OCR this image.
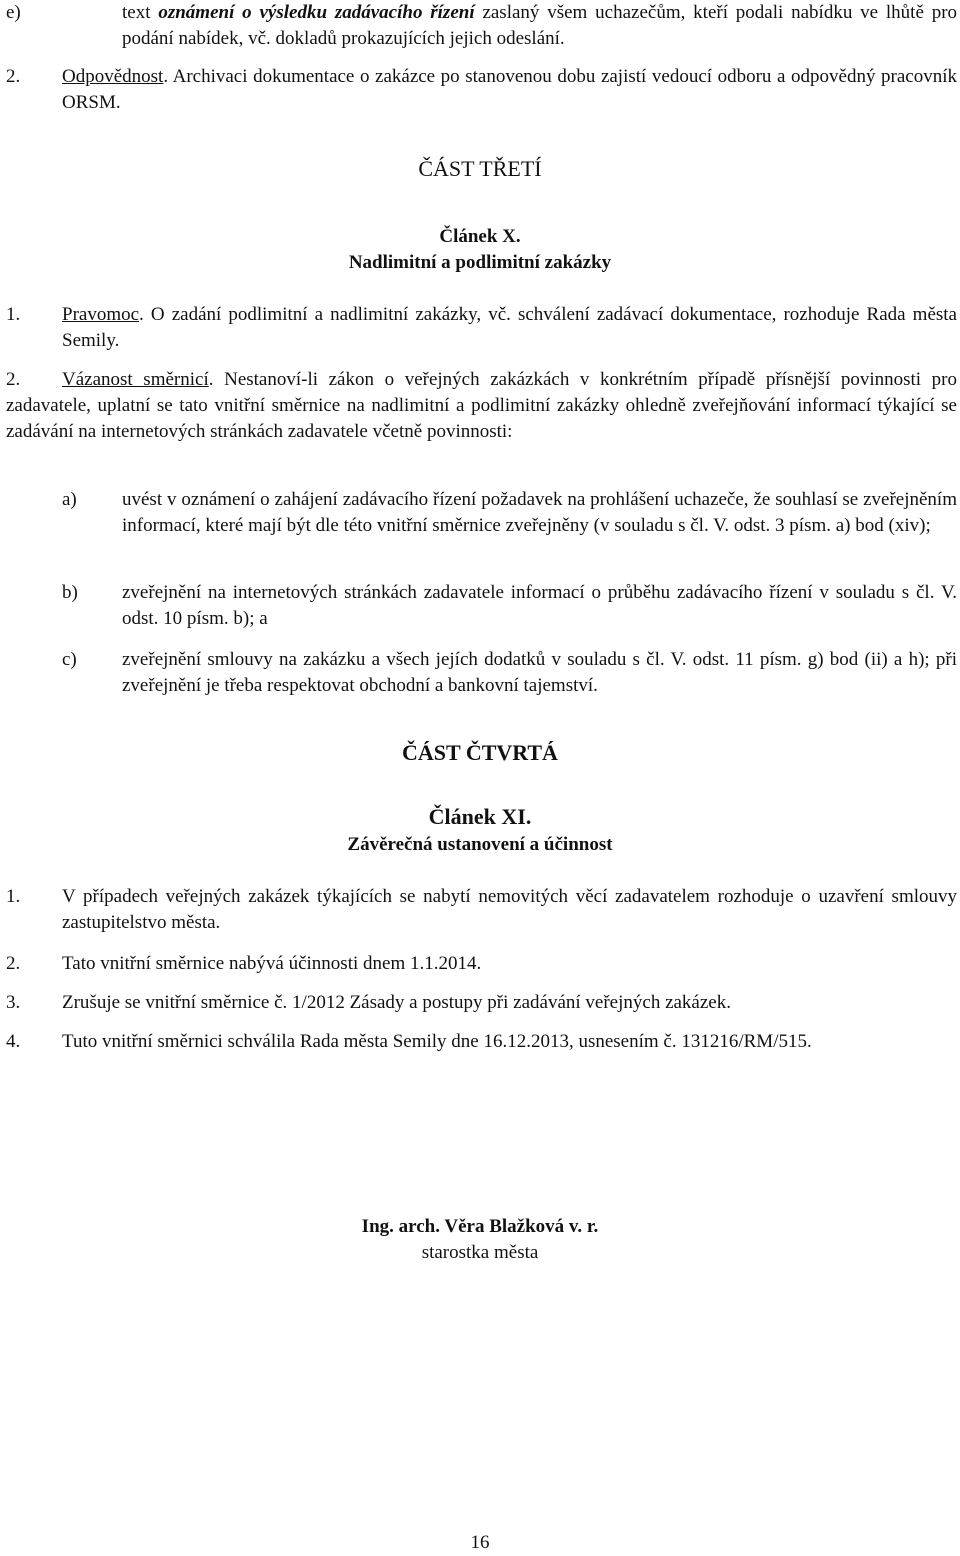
e)	text oznámení o výsledku zadávacího řízení zaslaný všem uchazečům, kteří podali nabídku ve lhůtě pro podání nabídek, vč. dokladů prokazujících jejich odeslání.
2. Odpovědnost. Archivaci dokumentace o zakázce po stanovenou dobu zajistí vedoucí odboru a odpovědný pracovník ORSM.
ČÁST TŘETÍ
Článek X.
Nadlimitní a podlimitní zakázky
1. Pravomoc. O zadání podlimitní a nadlimitní zakázky, vč. schválení zadávací dokumentace, rozhoduje Rada města Semily.
2.	Vázanost směrnicí. Nestanoví-li zákon o veřejných zakázkách v konkrétním případě přísnější povinnosti pro zadavatele, uplatní se tato vnitřní směrnice na nadlimitní a podlimitní zakázky ohledně zveřejňování informací týkající se zadávání na internetových stránkách zadavatele včetně povinnosti:
a) uvést v oznámení o zahájení zadávacího řízení požadavek na prohlášení uchazeče, že souhlasí se zveřejněním informací, které mají být dle této vnitřní směrnice zveřejněny (v souladu s čl. V. odst. 3 písm. a) bod (xiv);
b) zveřejnění na internetových stránkách zadavatele informací o průběhu zadávacího řízení v souladu s čl. V. odst. 10 písm. b); a
c) zveřejnění smlouvy na zakázku a všech jejích dodatků v souladu s čl. V. odst. 11 písm. g) bod (ii) a h); při zveřejnění je třeba respektovat obchodní a bankovní tajemství.
ČÁST ČTVRTÁ
Článek XI.
Závěrečná ustanovení a účinnost
1. V případech veřejných zakázek týkajících se nabytí nemovitých věcí zadavatelem rozhoduje o uzavření smlouvy zastupitelstvo města.
2. Tato vnitřní směrnice nabývá účinnosti dnem 1.1.2014.
3. Zrušuje se vnitřní směrnice č. 1/2012 Zásady a postupy při zadávání veřejných zakázek.
4. Tuto vnitřní směrnici schválila Rada města Semily dne 16.12.2013, usnesením č. 131216/RM/515.
Ing. arch. Věra Blažková v. r.
starostka města
16
